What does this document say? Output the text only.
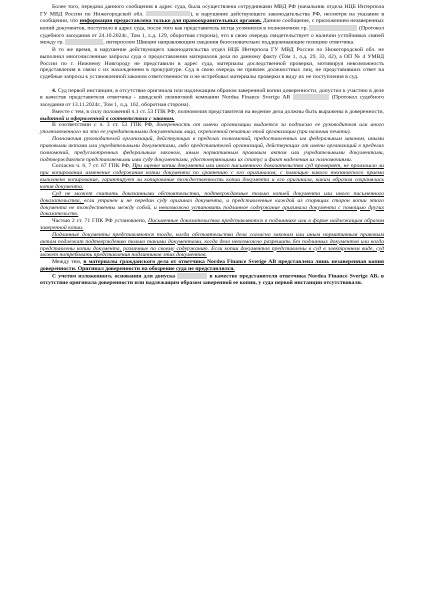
Более того, передача данного сообщения в адрес суда, была осуществлена сотрудниками МВД РФ (начальник отдела НЦБ Интерпола ГУ МВД России по Нижегородской обл.	), в нарушение действующего законодательства РФ, несмотря на указание в сообщении, что информация предоставлена только для правоохранительных органов. Данное сообщение, с приложением незаверенных копий документов, поступило в адрес суда, после того как представитель истца усомнился в полномочиях гр.	(Протокол судебного заседания от 24.10.2024г., Том 1, л.д. 129, оборотная сторона), что в свою очередь свидетельствует о наличии устойчивых связей между гр.	, интерполом Швеции направляющим сведения безосновательно поддерживающие позицию ответчика.

В то же время, в нарушение действующего законодательства отдел НЦБ Интерпола ГУ МВД России по Нижегородской обл. не выполнил многочисленные запросы суда о предоставлении материалов дела по данному факту (Том 1, л.д. 29, 33, 42), а ОП № 4 УМВД России по г. Нижнему Новгороду не представили в адрес суда, материалы доследственной проверки, мотивируя невозможность представления в связи с их нахождением в прокуратуре. Суд в свою очередь не привлек должностных лиц, не представивших ответ на судебные запросы к установленной законом ответственности и не истребовал материалы проверки в виду их не поступления в суд.

4. Суд первой инстанции, в отсутствие оригинала или надлежащим образом заверенной копии доверенности, допустил к участию в деле в качестве представителя ответчика - шведской лизинговой компании Nordea Finance Sverige AB	(Протокол судебного заседания от 13.11.2024г., Том 1, л.д. 162, оборотная сторона).

Вместе с тем, в силу положений ч.1 ст. 53 ГПК РФ, полномочия представителя на ведение дела должны быть выражены в доверенности, выданной и оформленной в соответствии с законом.

В соответствии с ч. 3 ст. 53 ГПК РФ, доверенность от имени организации выдается за подписью ее руководителя или иного уполномоченного на это ее учредительными документами лица, скрепленной печатью этой организации (при наличии печати).

Полномочия руководителей организаций, действующих в пределах полномочий, предоставленных им федеральным законом, иными правовыми актами или учредительными документами, либо представителей организаций, действующих от имени организаций в пределах полномочий, предусмотренных федеральным законом, иным нормативным правовым актом или учредительными документами, подтверждаются представляемыми ими суду документами, удостоверяющими их статус и факт наделения их полномочиями.

Согласно ч. 6, 7 ст. 67 ГПК РФ, При оценке копии документа или иного письменного доказательства суд проверяет, не произошло ли при копировании изменение содержания копии документа по сравнению с его оригиналом, с помощью какого технического приема выполнено копирование, гарантирует ли копирование тождественность копии документа и его оригинала, каким образом сохранялась копия документа.

Суд не может считать доказанными обстоятельства, подтверждаемые только копией документа или иного письменного доказательства, если утрачен и не передан суду оригинал документа, и представленные каждой из спорящих сторон копии этого документа не тождественны между собой, и невозможно установить подлинное содержание оригинала документа с помощью других доказательств.

Частью 2 ст. 71 ГПК РФ установлено, Письменные доказательства представляются в подлиннике или в форме надлежащим образом заверенной копии.

Подлинные документы представляются тогда, когда обстоятельства дела согласно законам или иным нормативным правовым актам подлежат подтверждению только такими документами, когда дело невозможно разрешить без подлинных документов или когда представлены копии документа, различные по своему содержанию. Если копии документов представлены в суд в электронном виде, суд может потребовать представления подлинников этих документов.

Между тем, в материалы гражданского дела от ответчика Nordea Finance Sverige AB представлена лишь незаверенная копия доверенности. Оригинал доверенности на обозрение суда не представлялся.

С учетом изложенного, основания для допуска	в качестве представителя ответчика Nordea Finance Sverige AB, в отсутствие оригинала доверенности или надлежащим образом заверенной ее копии, у суда первой инстанции отсутствовали.
